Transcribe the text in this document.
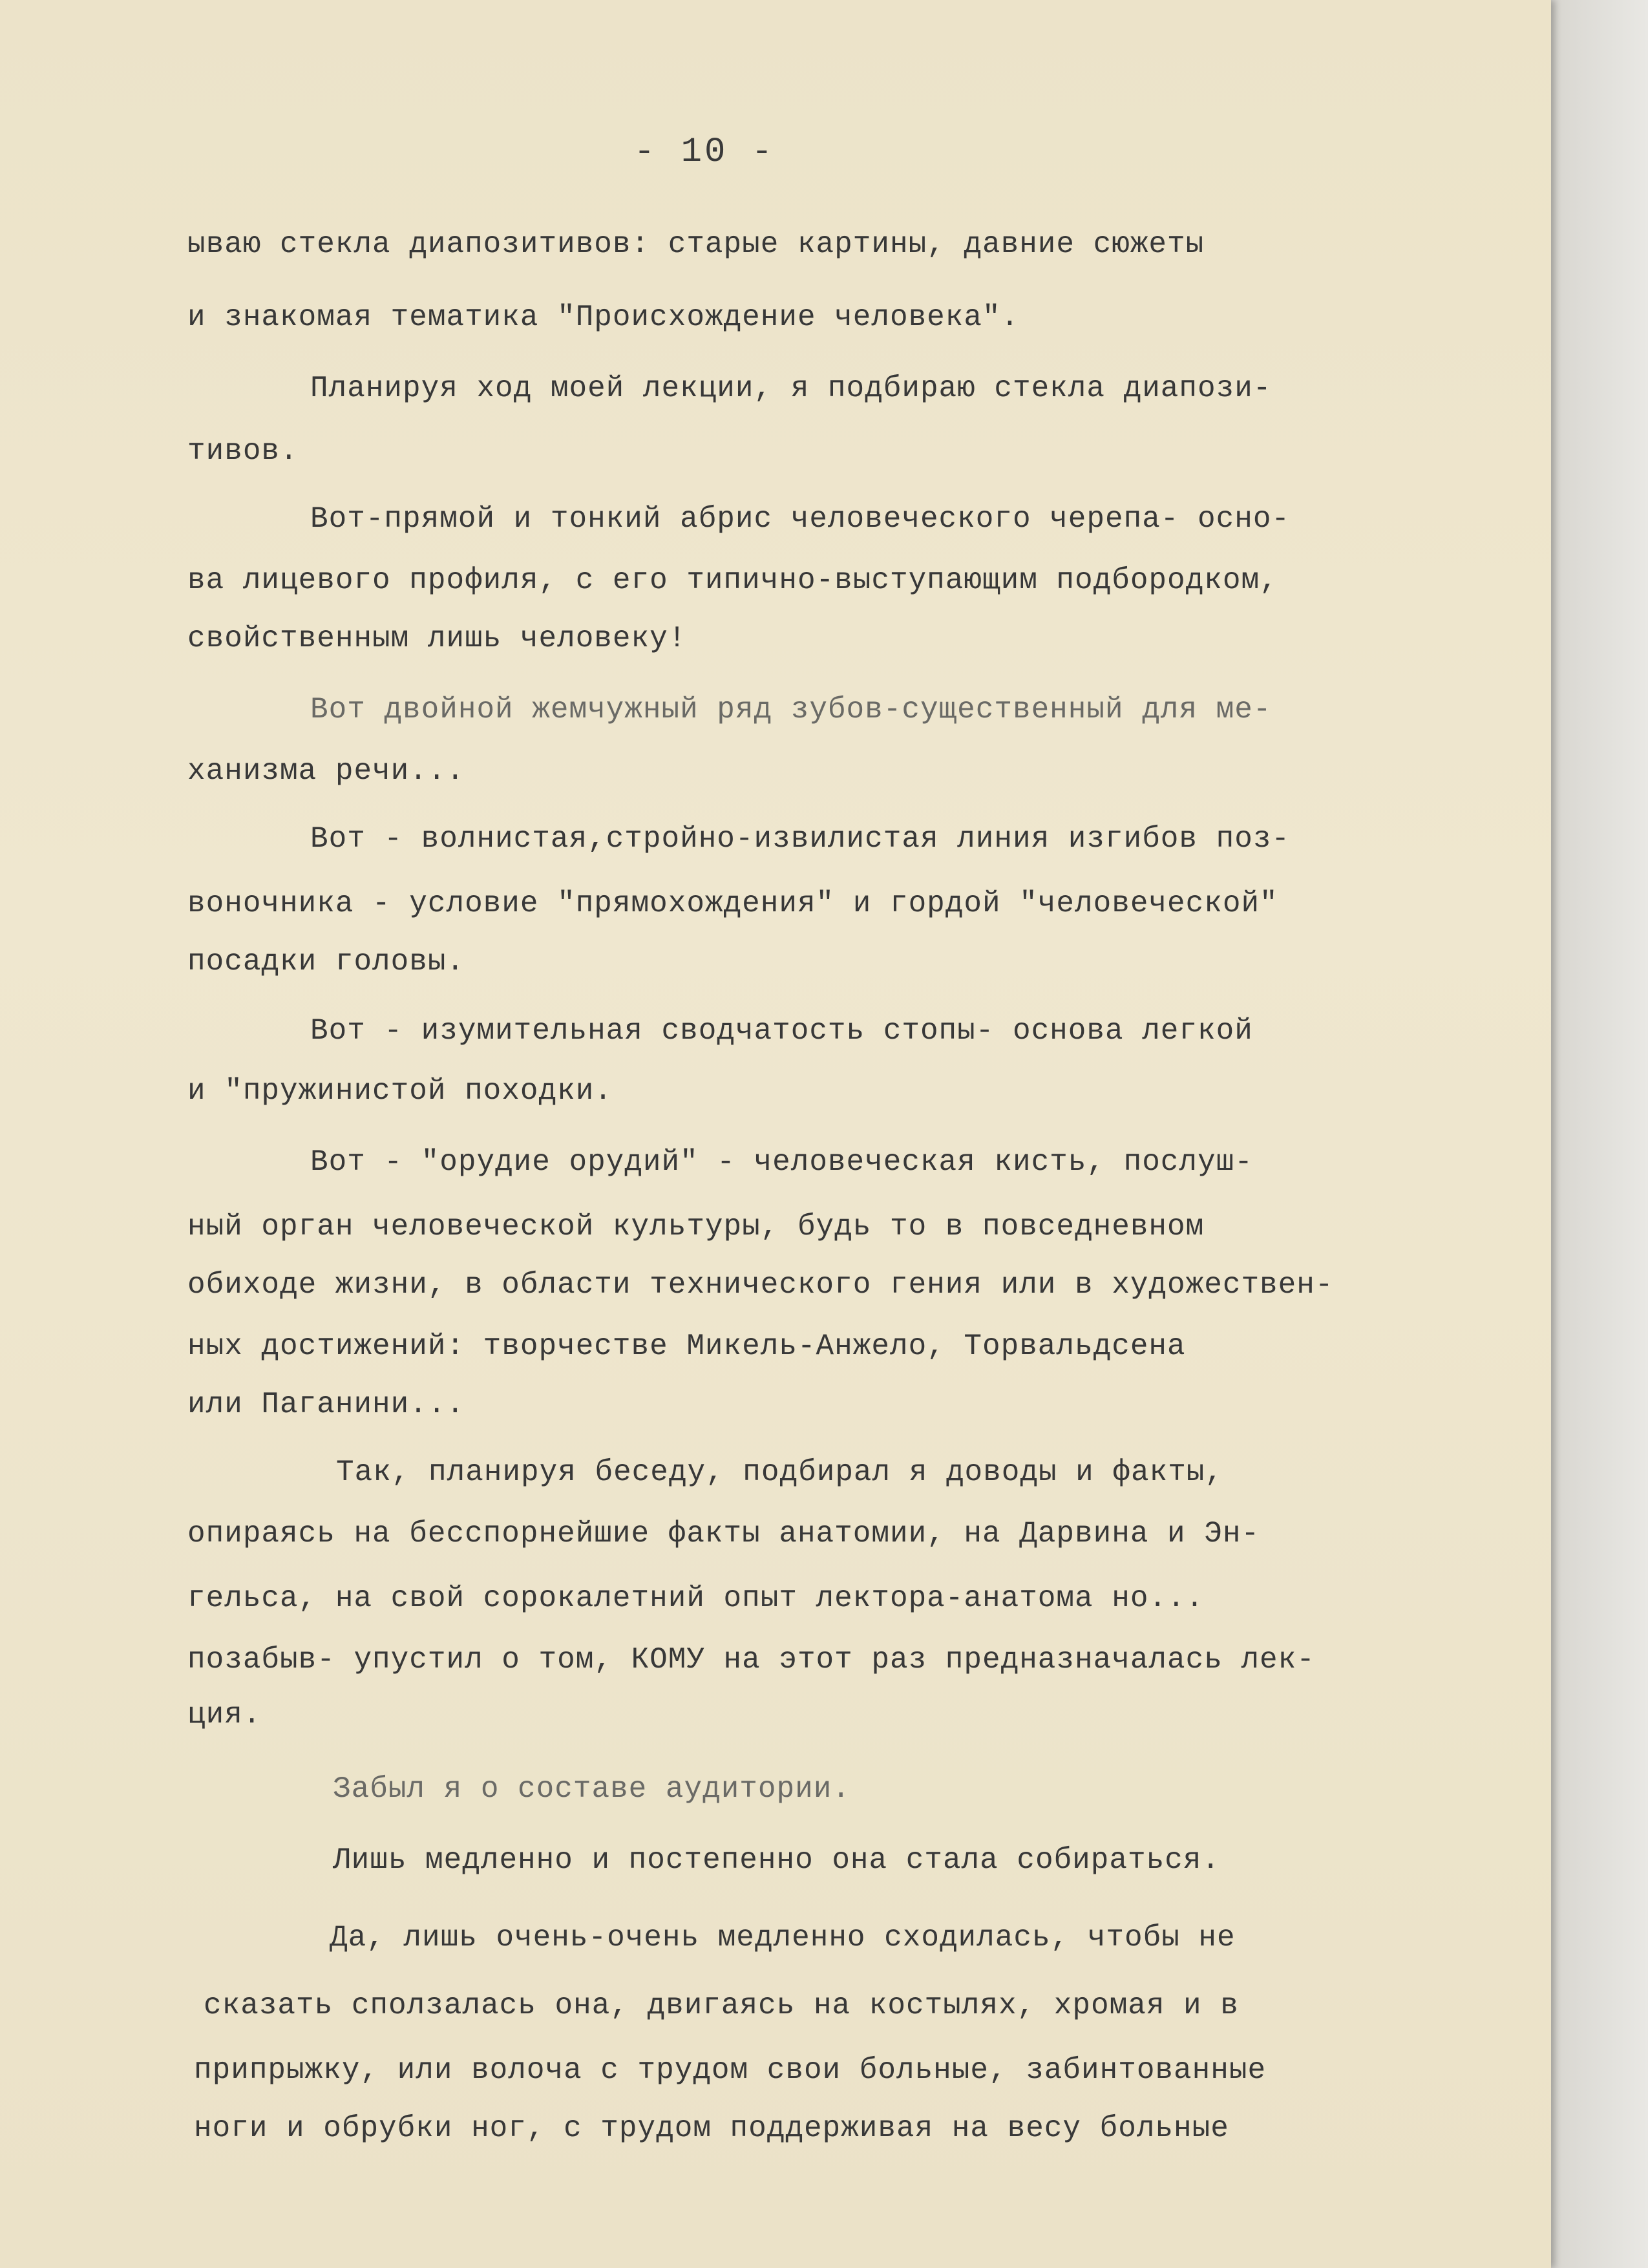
- 10 -
ываю стекла диапозитивов: старые картины, давние сюжеты
и знакомая тематика "Происхождение человека".
Планируя ход моей лекции, я подбираю стекла диапози-
тивов.
Вот-прямой и тонкий абрис человеческого черепа- осно-
ва лицевого профиля, с его типично-выступающим подбородком,
свойственным лишь человеку!
Вот двойной жемчужный ряд зубов-существенный для ме-
ханизма речи...
Вот - волнистая,стройно-извилистая линия изгибов поз-
воночника - условие "прямохождения" и гордой "человеческой"
посадки головы.
Вот - изумительная сводчатость стопы- основа легкой
и "пружинистой походки.
Вот - "орудие орудий" - человеческая кисть, послуш-
ный орган человеческой культуры, будь то в повседневном
обиходе жизни, в области технического гения или в художествен-
ных достижений: творчестве Микель-Анжело, Торвальдсена
или Паганини...
Так, планируя беседу, подбирал я доводы и факты,
опираясь на бесспорнейшие факты анатомии, на Дарвина и Эн-
гельса, на свой сорокалетний опыт лектора-анатома но...
позабыв- упустил о том, КОМУ на этот раз предназначалась лек-
ция.
Забыл я о составе аудитории.
Лишь медленно и постепенно она стала собираться.
Да, лишь очень-очень медленно сходилась, чтобы не
сказать сползалась она, двигаясь на костылях, хромая и в
припрыжку, или волоча с трудом свои больные, забинтованные
ноги и обрубки ног, с трудом поддерживая на весу больные
